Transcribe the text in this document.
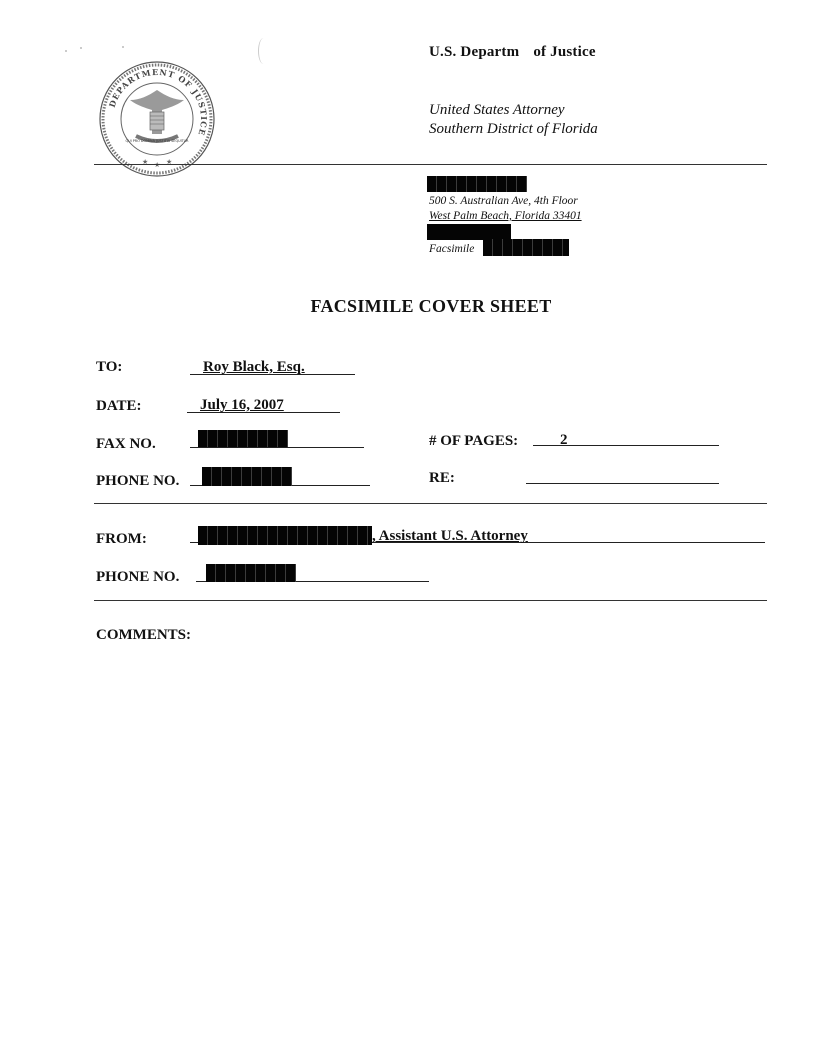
DEPARTMENT OF JUSTICE
QUI PRO DOMINA JUSTITIA SEQUITUR
★ ★ ★
U.S. Departm of Justice
United States Attorney
Southern District of Florida
500 S. Australian Ave, 4th Floor
West Palm Beach, Florida 33401
Facsimile
FACSIMILE COVER SHEET
TO:	Roy Black, Esq.
DATE:	July 16, 2007
FAX NO.	# OF PAGES:	2
PHONE NO.	RE:
FROM:	, Assistant U.S. Attorney
PHONE NO.
COMMENTS:
